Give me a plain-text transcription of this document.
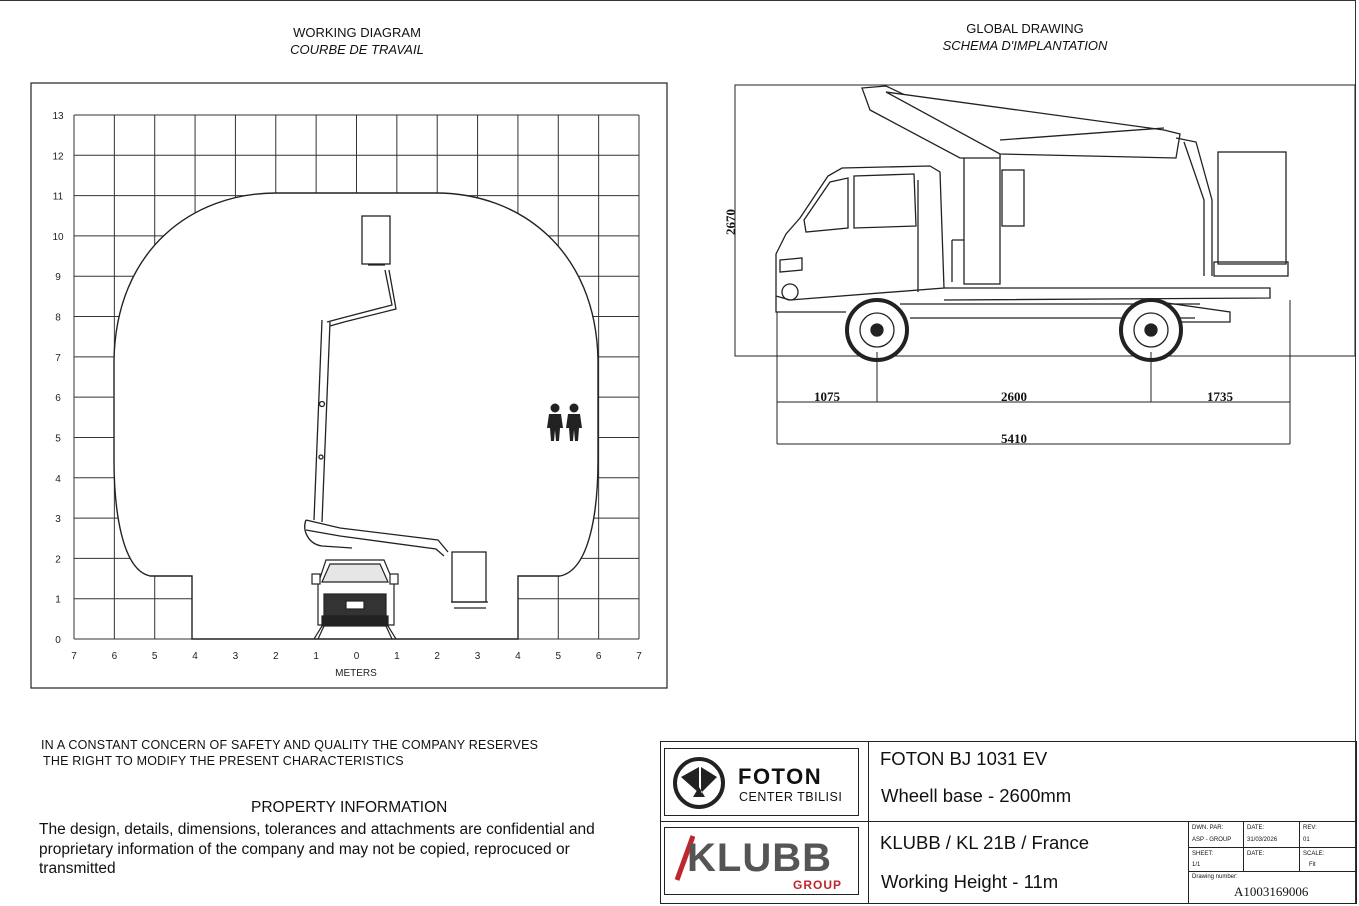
WORKING DIAGRAM
COURBE DE TRAVAIL
0
1
2
3
4
5
6
7
8
9
10
11
12
13
7	6	5	4	3	2	1	0	1	2	3	4	5	6	7
METERS
GLOBAL DRAWING
SCHEMA D'IMPLANTATION
2670
1075	2600	1735
5410
IN A CONSTANT CONCERN OF SAFETY AND QUALITY THE COMPANY RESERVES
THE RIGHT TO MODIFY THE PRESENT CHARACTERISTICS
PROPERTY INFORMATION
The design, details, dimensions, tolerances and attachments are confidential and proprietary information of the company and may not be copied, reprocuced or transmitted
FOTON
CENTER TBILISI
KLUBB
GROUP
FOTON BJ 1031 EV
Wheell base - 2600mm
KLUBB / KL 21B / France
Working Height - 11m
DWN. PAR:
ASP - GROUP
DATE:
31/03/2026
REV:
01
SHEET:
1/1
DATE:	SCALE:
Fit
Drawing number:
A1003169006
